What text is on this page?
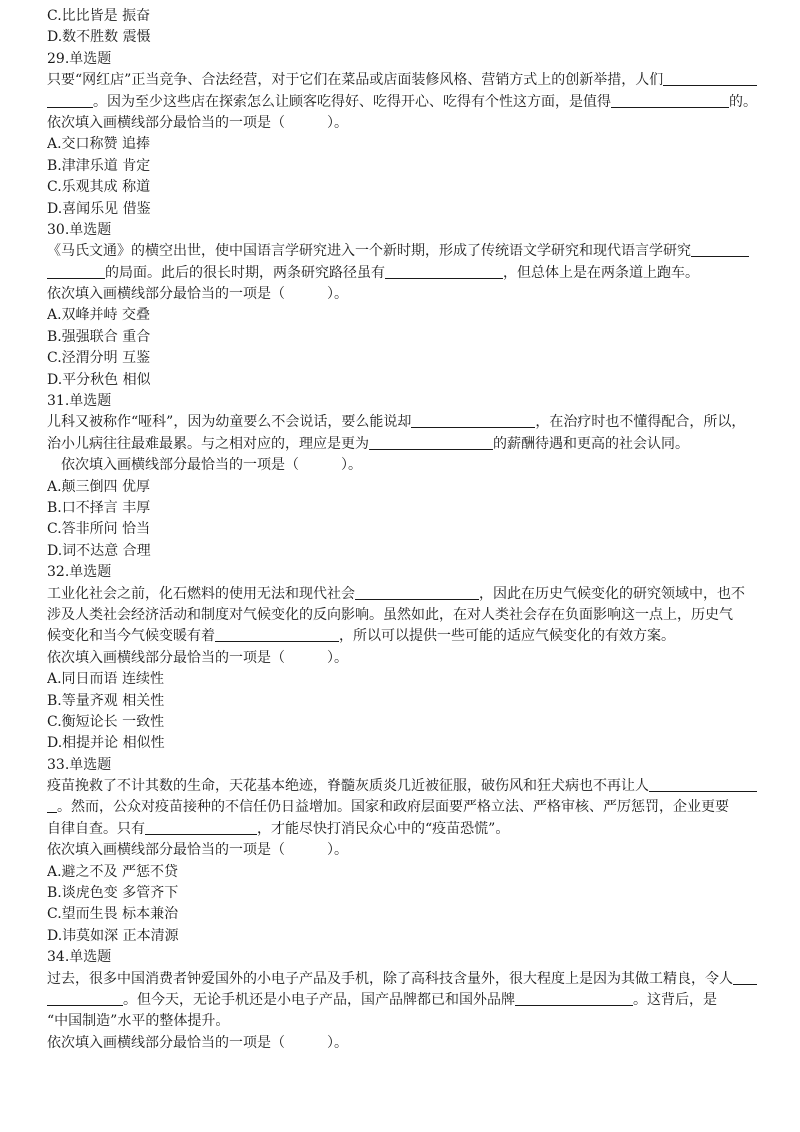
C.比比皆是 振奋
D.数不胜数 震慑
29.单选题
只要“网红店”正当竞争、合法经营，对于它们在菜品或店面装修风格、营销方式上的创新举措，人们
。因为至少这些店在探索怎么让顾客吃得好、吃得开心、吃得有个性这方面，是值得	的。
依次填入画横线部分最恰当的一项是（　　　）。
A.交口称赞 追捧
B.津津乐道 肯定
C.乐观其成 称道
D.喜闻乐见 借鉴
30.单选题
《马氏文通》的横空出世，使中国语言学研究进入一个新时期，形成了传统语文学研究和现代语言学研究
的局面。此后的很长时期，两条研究路径虽有	，但总体上是在两条道上跑车。
依次填入画横线部分最恰当的一项是（　　　）。
A.双峰并峙 交叠
B.强强联合 重合
C.泾渭分明 互鉴
D.平分秋色 相似
31.单选题
儿科又被称作“哑科”，因为幼童要么不会说话，要么能说却	，在治疗时也不懂得配合，所以，
治小儿病往往最难最累。与之相对应的，理应是更为	的薪酬待遇和更高的社会认同。
依次填入画横线部分最恰当的一项是（　　　）。
A.颠三倒四 优厚
B.口不择言 丰厚
C.答非所问 恰当
D.词不达意 合理
32.单选题
工业化社会之前，化石燃料的使用无法和现代社会	，因此在历史气候变化的研究领域中，也不
涉及人类社会经济活动和制度对气候变化的反向影响。虽然如此，在对人类社会存在负面影响这一点上，历史气
候变化和当今气候变暖有着	，所以可以提供一些可能的适应气候变化的有效方案。
依次填入画横线部分最恰当的一项是（　　　）。
A.同日而语 连续性
B.等量齐观 相关性
C.衡短论长 一致性
D.相提并论 相似性
33.单选题
疫苗挽救了不计其数的生命，天花基本绝迹，脊髓灰质炎几近被征服，破伤风和狂犬病也不再让人
。然而，公众对疫苗接种的不信任仍日益增加。国家和政府层面要严格立法、严格审核、严厉惩罚，企业更要
自律自查。只有	，才能尽快打消民众心中的“疫苗恐慌”。
依次填入画横线部分最恰当的一项是（　　　）。
A.避之不及 严惩不贷
B.谈虎色变 多管齐下
C.望而生畏 标本兼治
D.讳莫如深 正本清源
34.单选题
过去，很多中国消费者钟爱国外的小电子产品及手机，除了高科技含量外，很大程度上是因为其做工精良，令人
。但今天，无论手机还是小电子产品，国产品牌都已和国外品牌	。这背后，是
“中国制造”水平的整体提升。
依次填入画横线部分最恰当的一项是（　　　）。
